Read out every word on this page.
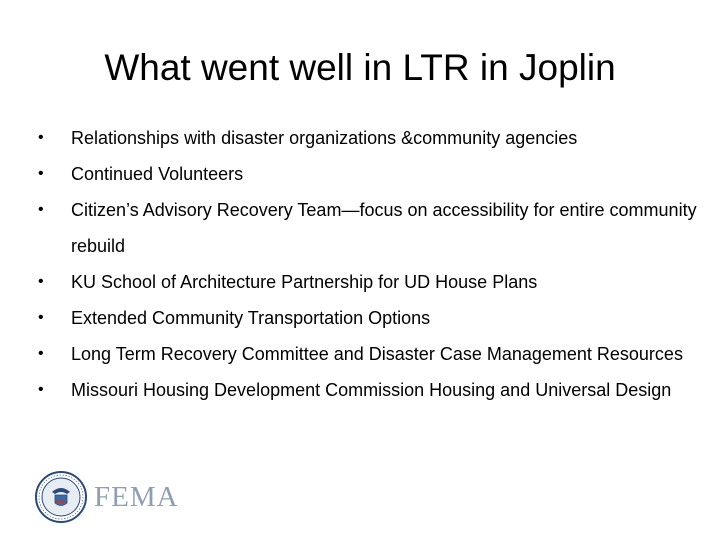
What went well in LTR in Joplin
•	Relationships with disaster organizations &community agencies
•	Continued Volunteers
•	Citizen’s Advisory Recovery Team—focus on accessibility for entire community rebuild
•	KU School of Architecture Partnership for UD House Plans
•	Extended Community Transportation Options
•	Long Term Recovery Committee and Disaster Case Management Resources
•	Missouri Housing Development Commission Housing and Universal Design
FEMA
